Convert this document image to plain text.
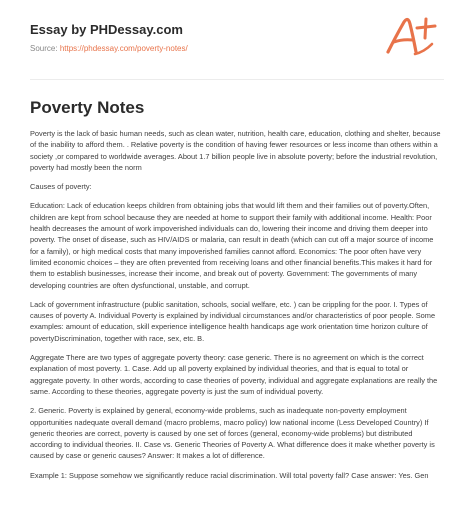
Essay by PHDessay.com
Source: https://phdessay.com/poverty-notes/
Poverty Notes

Poverty is the lack of basic human needs, such as clean water, nutrition, health care, education, clothing and shelter, because of the inability to afford them. . Relative poverty is the condition of having fewer resources or less income than others within a society ,or compared to worldwide averages. About 1.7 billion people live in absolute poverty; before the industrial revolution, poverty had mostly been the norm

Causes of poverty:

Education: Lack of education keeps children from obtaining jobs that would lift them and their families out of poverty.Often, children are kept from school because they are needed at home to support their family with additional income. Health: Poor health decreases the amount of work impoverished individuals can do, lowering their income and driving them deeper into poverty. The onset of disease, such as HIV/AIDS or malaria, can result in death (which can cut off a major source of income for a family), or high medical costs that many impoverished families cannot afford. Economics: The poor often have very limited economic choices – they are often prevented from receiving loans and other financial benefits.This makes it hard for them to establish businesses, increase their income, and break out of poverty. Government: The governments of many developing countries are often dysfunctional, unstable, and corrupt.

Lack of government infrastructure (public sanitation, schools, social welfare, etc. ) can be crippling for the poor. I. Types of causes of poverty A. Individual Poverty is explained by individual circumstances and/or characteristics of poor people. Some examples: amount of education, skill experience intelligence health handicaps age work orientation time horizon culture of povertyDiscrimination, together with race, sex, etc. B.

Aggregate There are two types of aggregate poverty theory: case generic. There is no agreement on which is the correct explanation of most poverty. 1. Case. Add up all poverty explained by individual theories, and that is equal to total or aggregate poverty. In other words, according to case theories of poverty, individual and aggregate explanations are really the same. According to these theories, aggregate poverty is just the sum of individual poverty.

2. Generic. Poverty is explained by general, economy-wide problems, such as inadequate non-poverty employment opportunities nadequate overall demand (macro problems, macro policy) low national income (Less Developed Country) If generic theories are correct, poverty is caused by one set of forces (general, economy-wide problems) but distributed according to individual theories. II. Case vs. Generic Theories of Poverty A. What difference does it make whether poverty is caused by case or generic causes? Answer: It makes a lot of difference.

Example 1: Suppose somehow we significantly reduce racial discrimination. Will total poverty fall? Case answer: Yes. Gen
